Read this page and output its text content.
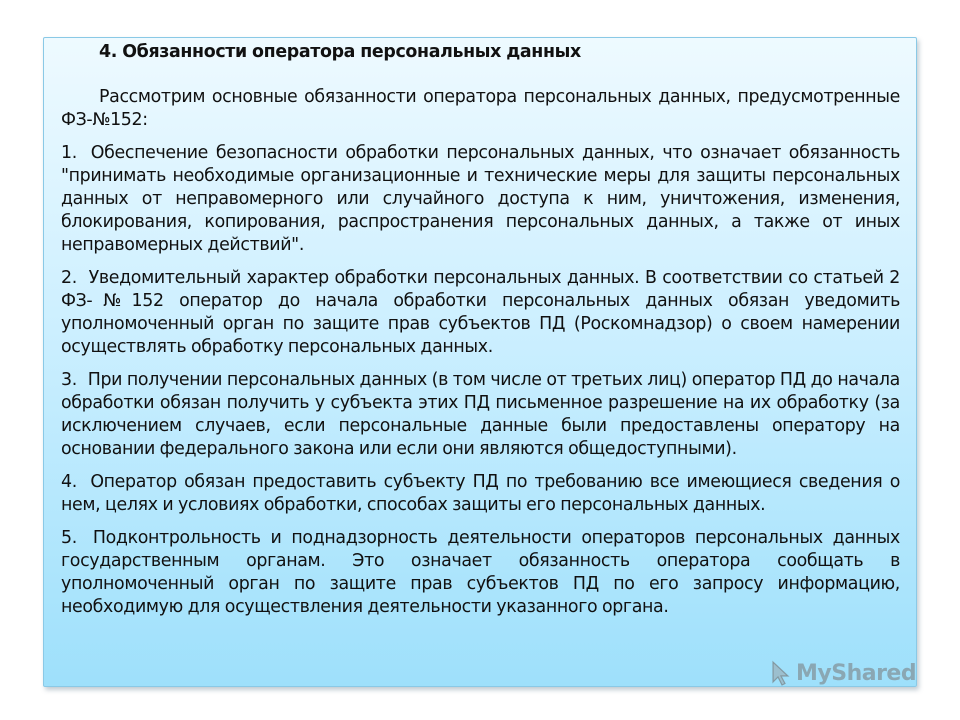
4. Обязанности оператора персональных данных

Рассмотрим основные обязанности оператора персональных данных, предусмотренные ФЗ-№152:

1. Обеспечение безопасности обработки персональных данных, что означает обязанность "принимать необходимые организационные и технические меры для защиты персональных данных от неправомерного или случайного доступа к ним, уничтожения, изменения, блокирования, копирования, распространения персональных данных, а также от иных неправомерных действий".

2. Уведомительный характер обработки персональных данных. В соответствии со статьей 2 ФЗ-№152 оператор до начала обработки персональных данных обязан уведомить уполномоченный орган по защите прав субъектов ПД (Роскомнадзор) о своем намерении осуществлять обработку персональных данных.

3. При получении персональных данных (в том числе от третьих лиц) оператор ПД до начала обработки обязан получить у субъекта этих ПД письменное разрешение на их обработку (за исключением случаев, если персональные данные были предоставлены оператору на основании федерального закона или если они являются общедоступными).

4. Оператор обязан предоставить субъекту ПД по требованию все имеющиеся сведения о нем, целях и условиях обработки, способах защиты его персональных данных.

5. Подконтрольность и поднадзорность деятельности операторов персональных данных государственным органам. Это означает обязанность оператора сообщать в уполномоченный орган по защите прав субъектов ПД по его запросу информацию, необходимую для осуществления деятельности указанного органа.

MyShared
